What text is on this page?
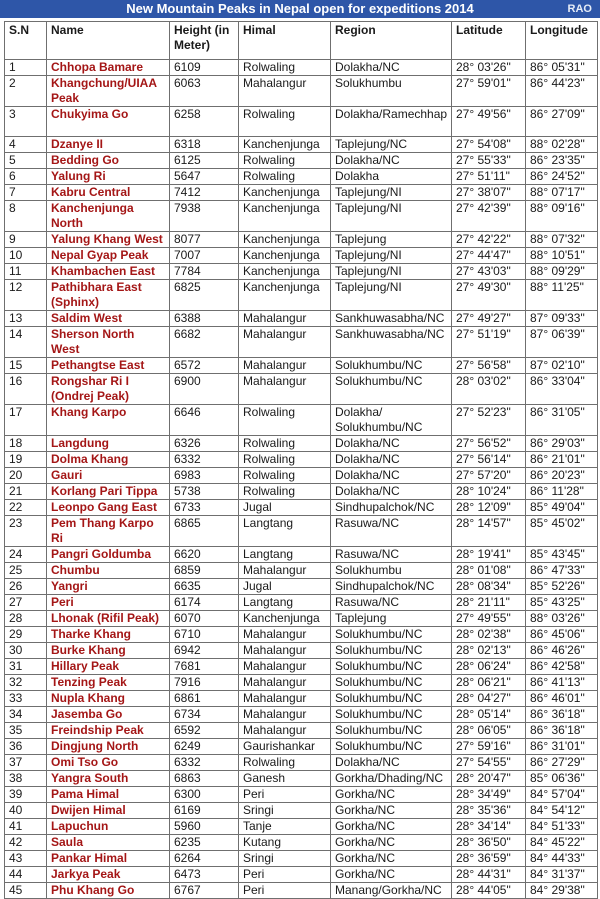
New Mountain Peaks in Nepal open for expeditions 2014	RAO
S.N	Name	Height (in Meter)	Himal	Region	Latitude	Longitude
1	Chhopa Bamare	6109	Rolwaling	Dolakha/NC	28° 03'26"	86° 05'31"
2	Khangchung/UIAA Peak	6063	Mahalangur	Solukhumbu	27° 59'01"	86° 44'23"
3	Chukyima Go	6258	Rolwaling	Dolakha/Ramechhap	27° 49'56"	86° 27'09"
4	Dzanye II	6318	Kanchenjunga	Taplejung/NC	27° 54'08"	88° 02'28"
5	Bedding Go	6125	Rolwaling	Dolakha/NC	27° 55'33"	86° 23'35"
6	Yalung Ri	5647	Rolwaling	Dolakha	27° 51'11"	86° 24'52"
7	Kabru Central	7412	Kanchenjunga	Taplejung/NI	27° 38'07"	88° 07'17"
8	Kanchenjunga North	7938	Kanchenjunga	Taplejung/NI	27° 42'39"	88° 09'16"
9	Yalung Khang West	8077	Kanchenjunga	Taplejung	27° 42'22"	88° 07'32"
10	Nepal Gyap Peak	7007	Kanchenjunga	Taplejung/NI	27° 44'47"	88° 10'51"
11	Khambachen East	7784	Kanchenjunga	Taplejung/NI	27° 43'03"	88° 09'29"
12	Pathibhara East (Sphinx)	6825	Kanchenjunga	Taplejung/NI	27° 49'30"	88° 11'25"
13	Saldim West	6388	Mahalangur	Sankhuwasabha/NC	27° 49'27"	87° 09'33"
14	Sherson North West	6682	Mahalangur	Sankhuwasabha/NC	27° 51'19"	87° 06'39"
15	Pethangtse East	6572	Mahalangur	Solukhumbu/NC	27° 56'58"	87° 02'10"
16	Rongshar Ri I (Ondrej Peak)	6900	Mahalangur	Solukhumbu/NC	28° 03'02"	86° 33'04"
17	Khang Karpo	6646	Rolwaling	Dolakha/ Solukhumbu/NC	27° 52'23"	86° 31'05"
18	Langdung	6326	Rolwaling	Dolakha/NC	27° 56'52"	86° 29'03"
19	Dolma Khang	6332	Rolwaling	Dolakha/NC	27° 56'14"	86° 21'01"
20	Gauri	6983	Rolwaling	Dolakha/NC	27° 57'20"	86° 20'23"
21	Korlang Pari Tippa	5738	Rolwaling	Dolakha/NC	28° 10'24"	86° 11'28"
22	Leonpo Gang East	6733	Jugal	Sindhupalchok/NC	28° 12'09"	85° 49'04"
23	Pem Thang Karpo Ri	6865	Langtang	Rasuwa/NC	28° 14'57"	85° 45'02"
24	Pangri Goldumba	6620	Langtang	Rasuwa/NC	28° 19'41"	85° 43'45"
25	Chumbu	6859	Mahalangur	Solukhumbu	28° 01'08"	86° 47'33"
26	Yangri	6635	Jugal	Sindhupalchok/NC	28° 08'34"	85° 52'26"
27	Peri	6174	Langtang	Rasuwa/NC	28° 21'11"	85° 43'25"
28	Lhonak (Rifil Peak)	6070	Kanchenjunga	Taplejung	27° 49'55"	88° 03'26"
29	Tharke Khang	6710	Mahalangur	Solukhumbu/NC	28° 02'38"	86° 45'06"
30	Burke Khang	6942	Mahalangur	Solukhumbu/NC	28° 02'13"	86° 46'26"
31	Hillary Peak	7681	Mahalangur	Solukhumbu/NC	28° 06'24"	86° 42'58"
32	Tenzing Peak	7916	Mahalangur	Solukhumbu/NC	28° 06'21"	86° 41'13"
33	Nupla Khang	6861	Mahalangur	Solukhumbu/NC	28° 04'27"	86° 46'01"
34	Jasemba Go	6734	Mahalangur	Solukhumbu/NC	28° 05'14"	86° 36'18"
35	Freindship Peak	6592	Mahalangur	Solukhumbu/NC	28° 06'05"	86° 36'18"
36	Dingjung North	6249	Gaurishankar	Solukhumbu/NC	27° 59'16"	86° 31'01"
37	Omi Tso Go	6332	Rolwaling	Dolakha/NC	27° 54'55"	86° 27'29"
38	Yangra South	6863	Ganesh	Gorkha/Dhading/NC	28° 20'47"	85° 06'36"
39	Pama Himal	6300	Peri	Gorkha/NC	28° 34'49"	84° 57'04"
40	Dwijen Himal	6169	Sringi	Gorkha/NC	28° 35'36"	84° 54'12"
41	Lapuchun	5960	Tanje	Gorkha/NC	28° 34'14"	84° 51'33"
42	Saula	6235	Kutang	Gorkha/NC	28° 36'50"	84° 45'22"
43	Pankar Himal	6264	Sringi	Gorkha/NC	28° 36'59"	84° 44'33"
44	Jarkya Peak	6473	Peri	Gorkha/NC	28° 44'31"	84° 31'37"
45	Phu Khang Go	6767	Peri	Manang/Gorkha/NC	28° 44'05"	84° 29'38"
